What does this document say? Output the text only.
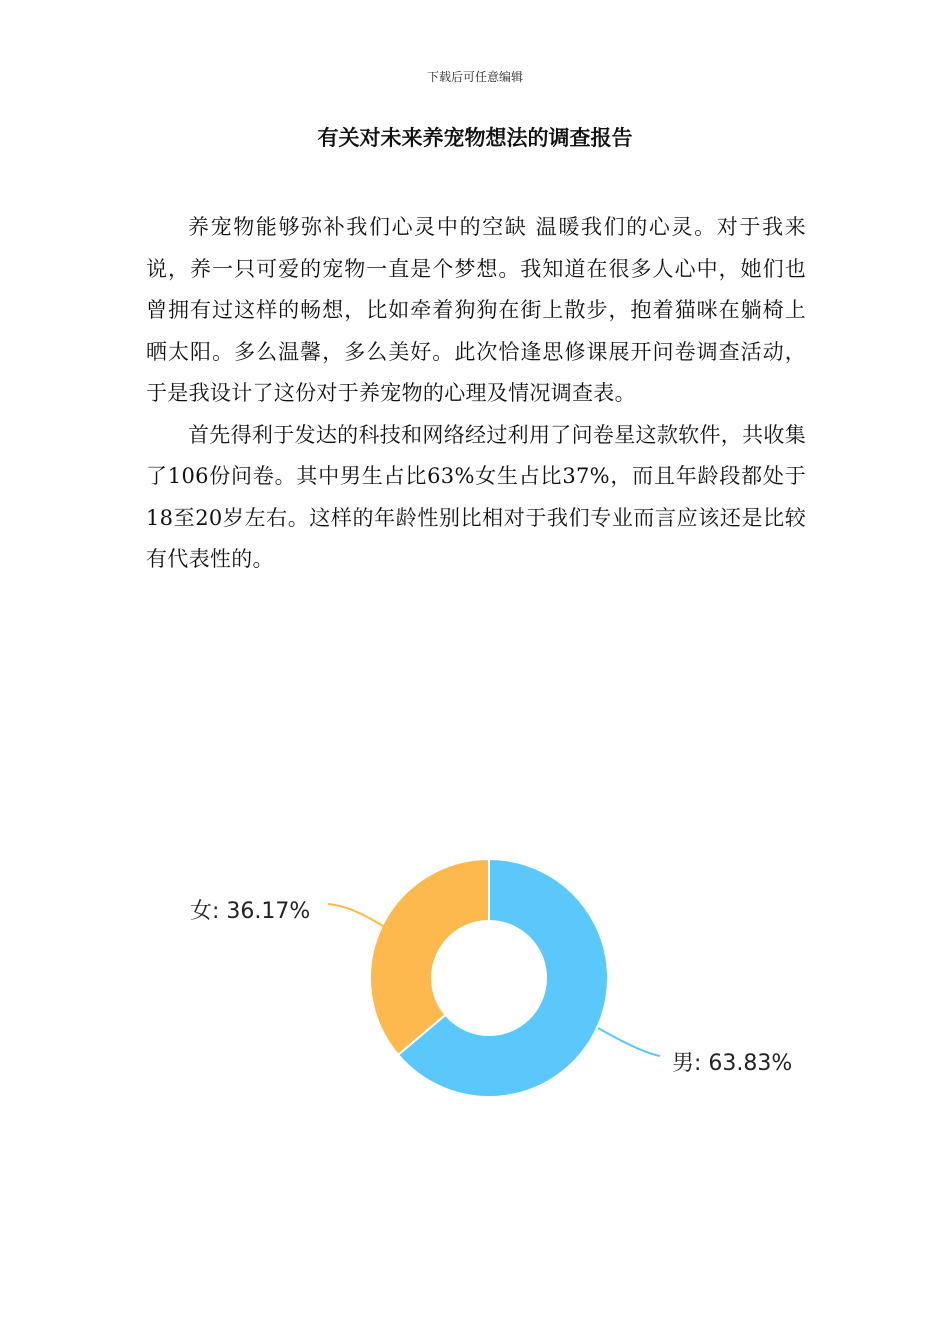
下载后可任意编辑
有关对未来养宠物想法的调查报告

养宠物能够弥补我们心灵中的空缺 温暖我们的心灵。对于我来说，养一只可爱的宠物一直是个梦想。我知道在很多人心中，她们也曾拥有过这样的畅想，比如牵着狗狗在街上散步，抱着猫咪在躺椅上晒太阳。多么温馨，多么美好。此次恰逢思修课展开问卷调查活动，于是我设计了这份对于养宠物的心理及情况调查表。

首先得利于发达的科技和网络经过利用了问卷星这款软件，共收集了106份问卷。其中男生占比63%女生占比37%，而且年龄段都处于18至20岁左右。这样的年龄性别比相对于我们专业而言应该还是比较有代表性的。

男: 63.83%
女: 36.17%
